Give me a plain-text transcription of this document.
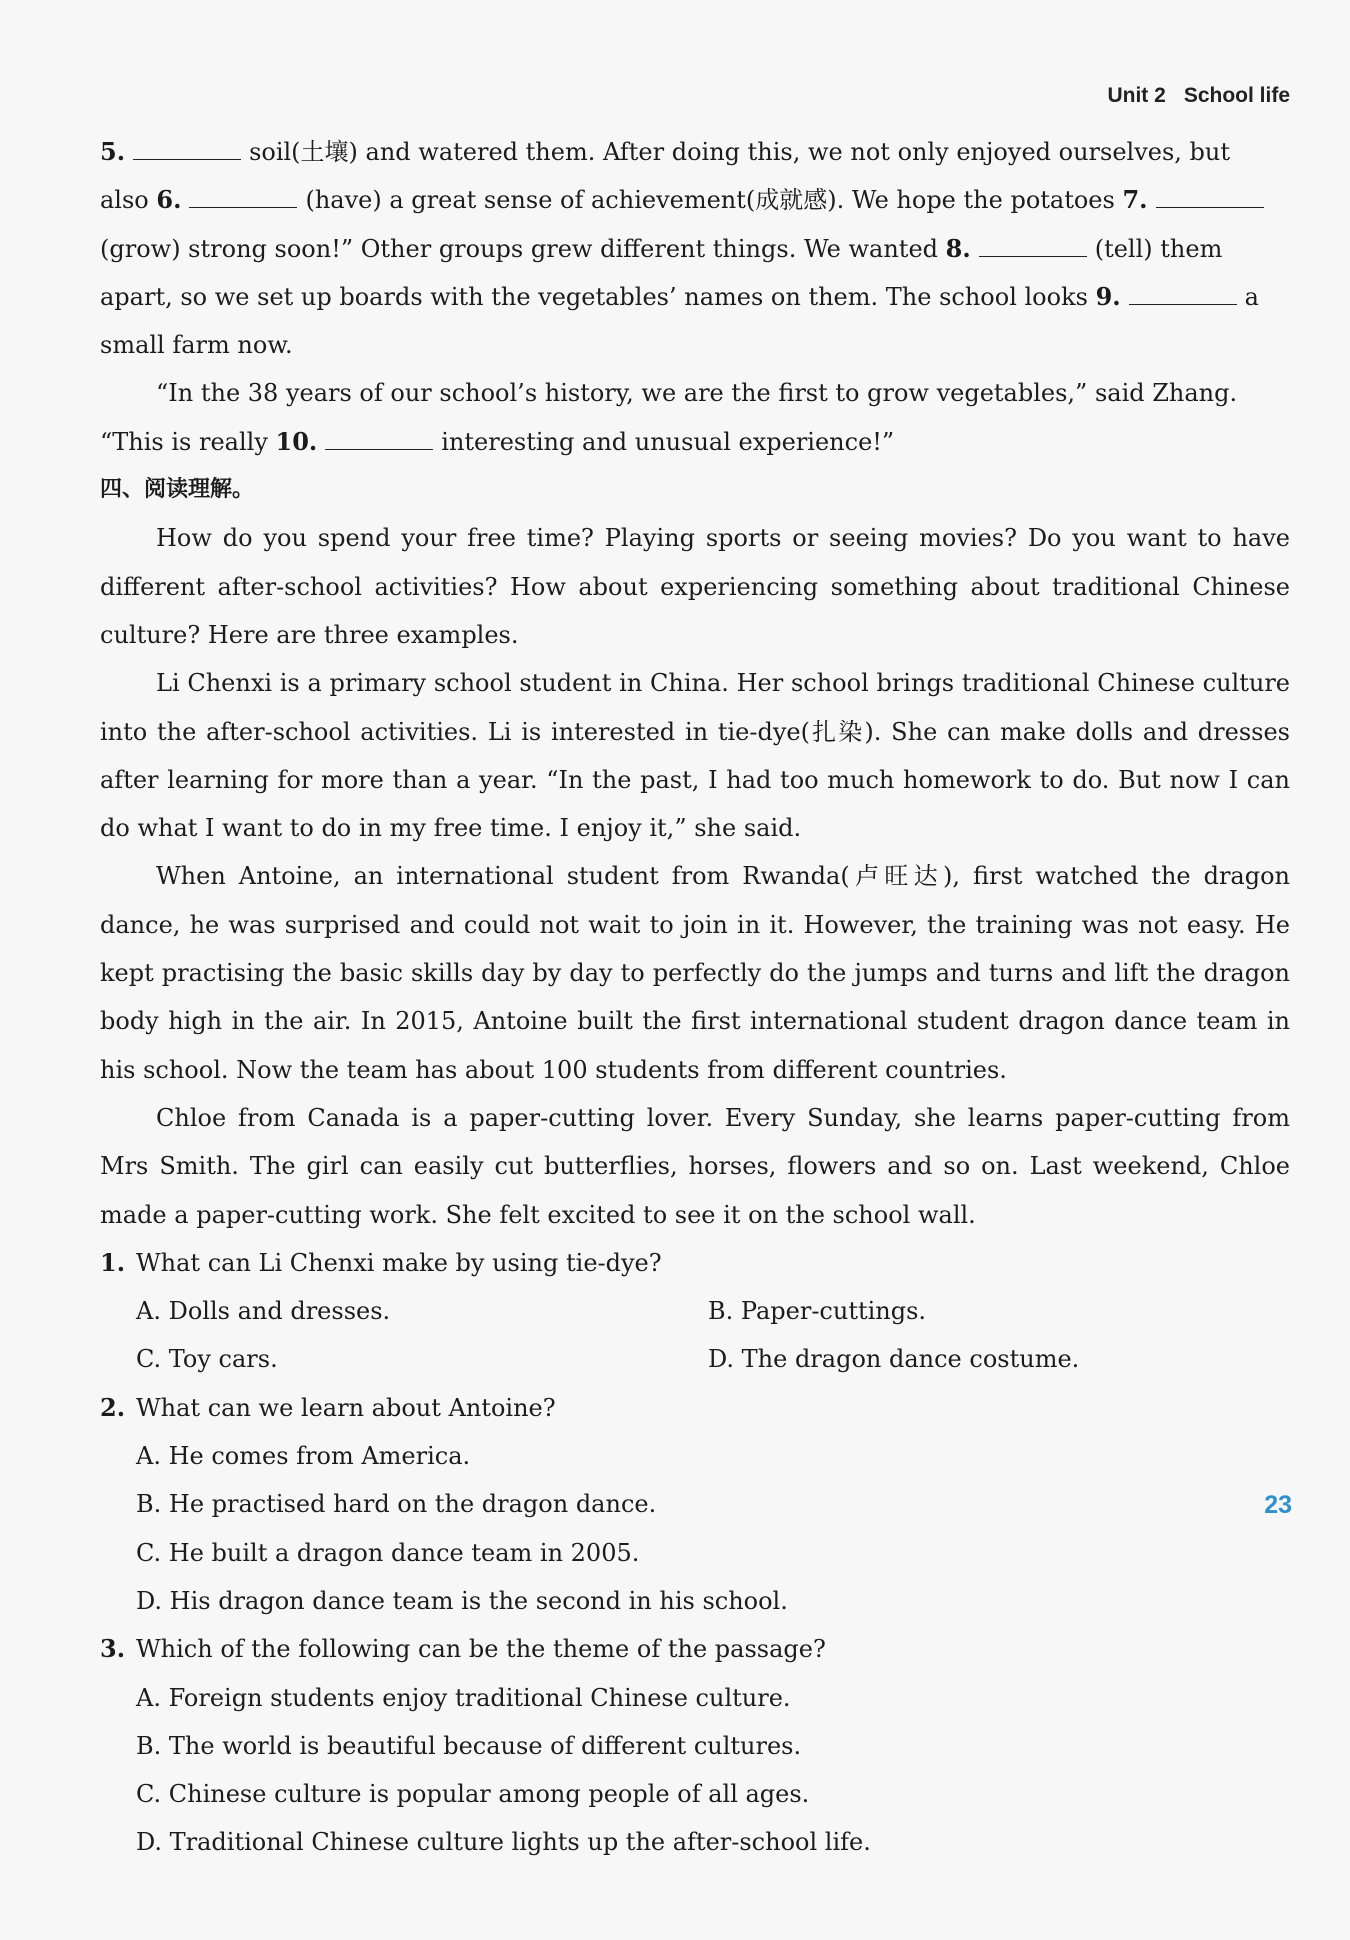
Unit 2 School life

5.	soil(土壤) and watered them. After doing this, we not only enjoyed ourselves, but

also 6.	(have) a great sense of achievement(成就感). We hope the potatoes 7.

(grow) strong soon!” Other groups grew different things. We wanted 8.	(tell) them

apart, so we set up boards with the vegetables’ names on them. The school looks 9.	a

small farm now.

“In the 38 years of our school’s history, we are the first to grow vegetables,” said Zhang.

“This is really 10.	interesting and unusual experience!”

四、阅读理解。

How do you spend your free time? Playing sports or seeing movies? Do you want to have different after-school activities? How about experiencing something about traditional Chinese culture? Here are three examples.

Li Chenxi is a primary school student in China. Her school brings traditional Chinese culture into the after-school activities. Li is interested in tie-dye(扎染). She can make dolls and dresses after learning for more than a year. “In the past, I had too much homework to do. But now I can do what I want to do in my free time. I enjoy it,” she said.

When Antoine, an international student from Rwanda(卢旺达), first watched the dragon dance, he was surprised and could not wait to join in it. However, the training was not easy. He kept practising the basic skills day by day to perfectly do the jumps and turns and lift the dragon body high in the air. In 2015, Antoine built the first international student dragon dance team in his school. Now the team has about 100 students from different countries.

Chloe from Canada is a paper-cutting lover. Every Sunday, she learns paper-cutting from Mrs Smith. The girl can easily cut butterflies, horses, flowers and so on. Last weekend, Chloe made a paper-cutting work. She felt excited to see it on the school wall.

1. What can Li Chenxi make by using tie-dye?
A. Dolls and dresses.	B. Paper-cuttings.
C. Toy cars.	D. The dragon dance costume.
2. What can we learn about Antoine?
A. He comes from America.
B. He practised hard on the dragon dance.
C. He built a dragon dance team in 2005.
D. His dragon dance team is the second in his school.
3. Which of the following can be the theme of the passage?
A. Foreign students enjoy traditional Chinese culture.
B. The world is beautiful because of different cultures.
C. Chinese culture is popular among people of all ages.
D. Traditional Chinese culture lights up the after-school life.
23
